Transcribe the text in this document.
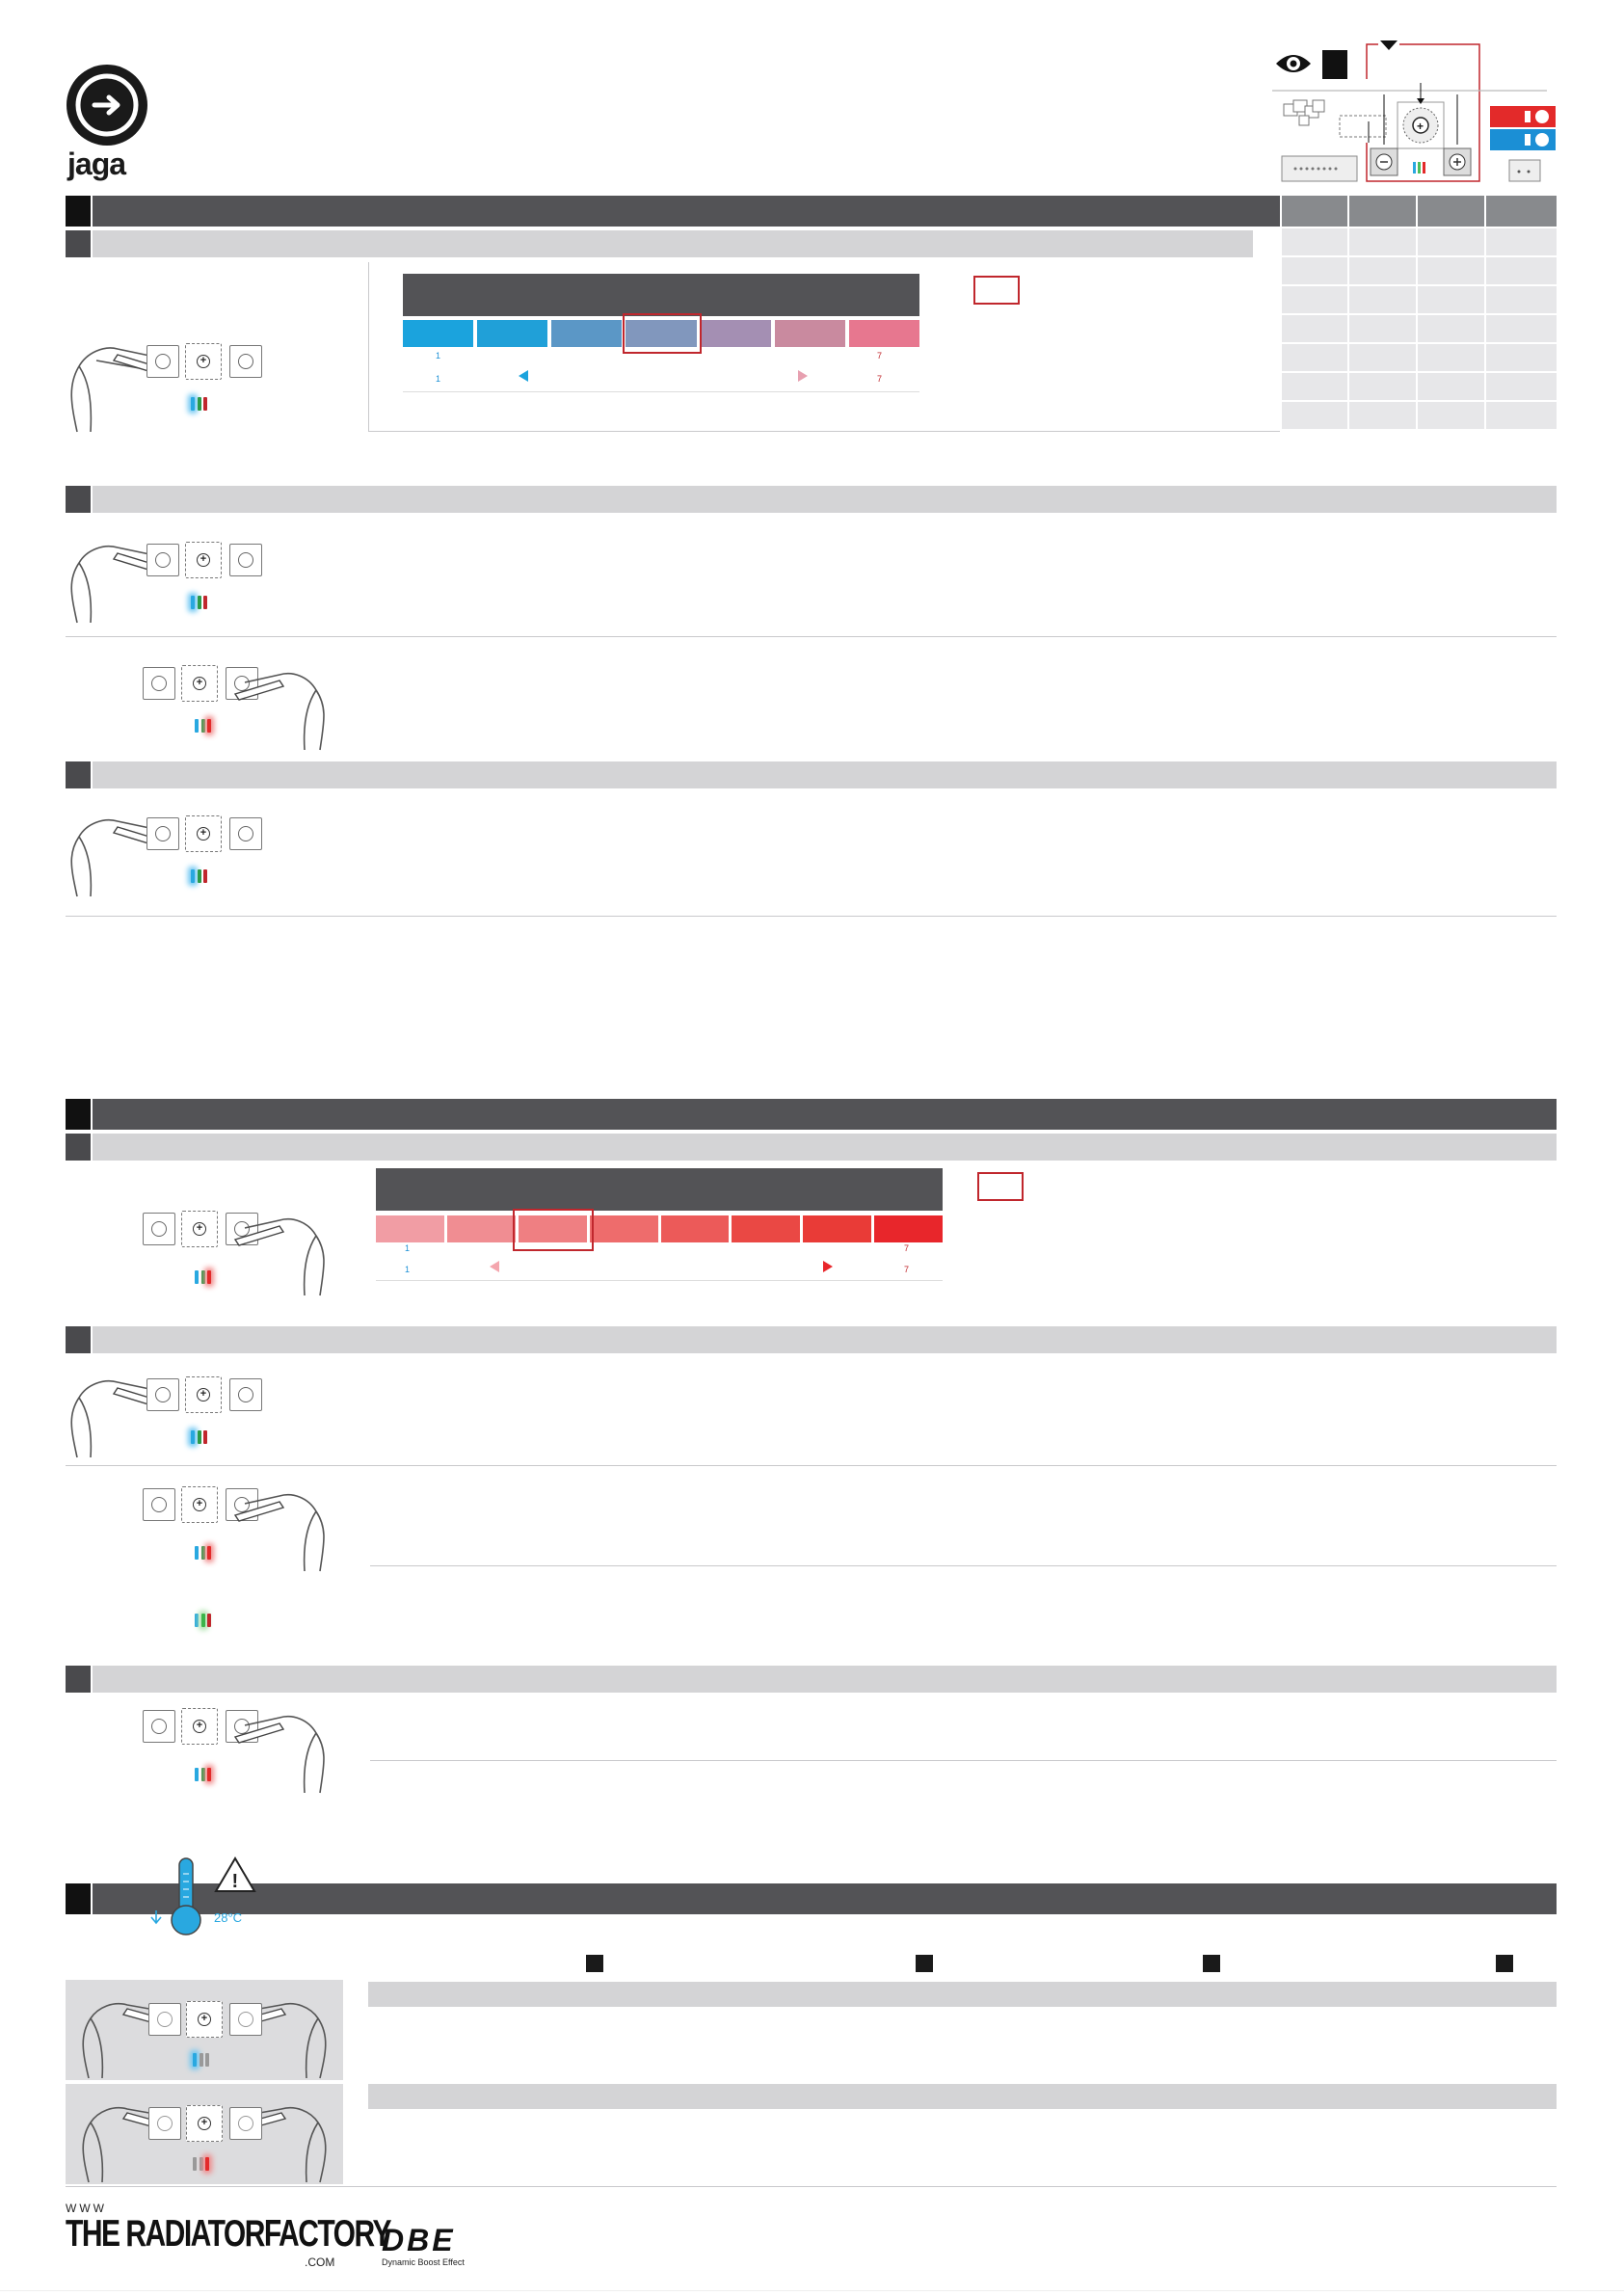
jaga
+
1
1
7
7
+
+
+
+
1
1
7
7
+
+
+
+
!
28°C
+
+
WWW
THE RADIATORFACTORY
.COM
DBE
Dynamic Boost Effect
